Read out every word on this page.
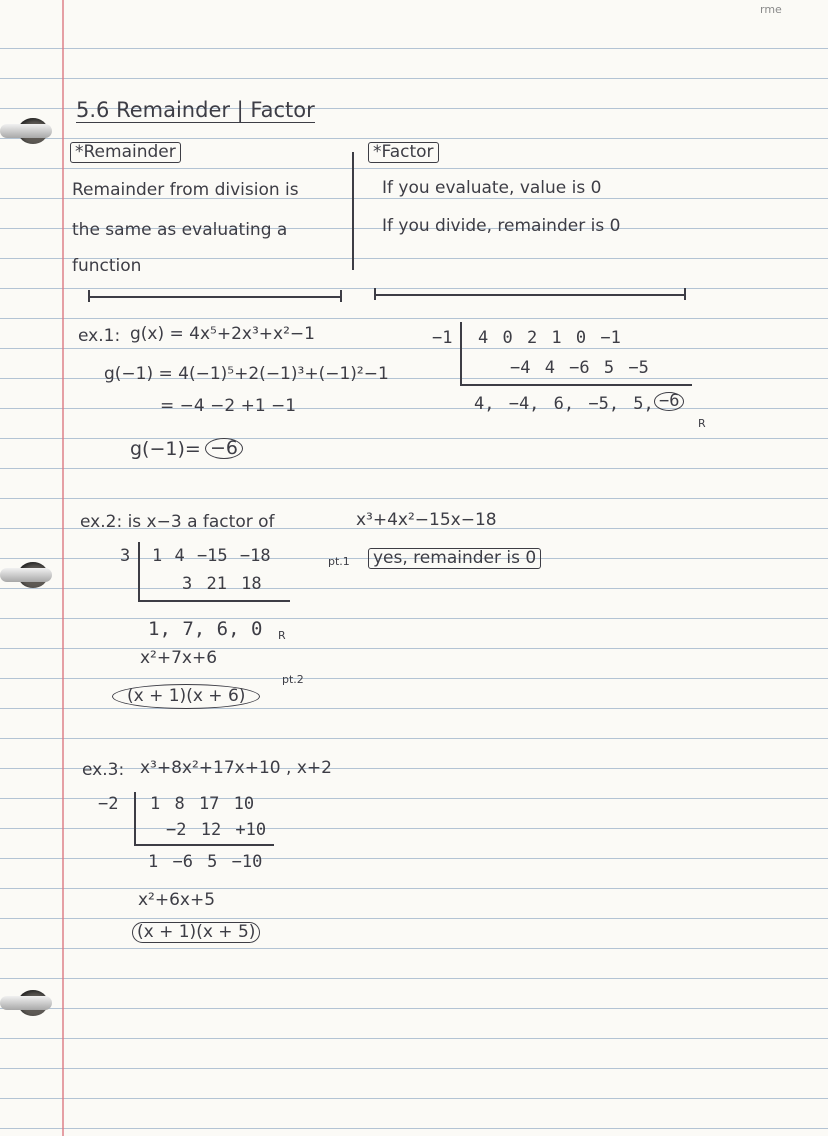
rme
5.6 Remainder | Factor
*Remainder
Remainder from division is
the same as evaluating a
function
*Factor
If you evaluate, value is 0
If you divide, remainder is 0
ex.1: g(x) = 4x⁵+2x³+x²−1
g(−1) = 4(−1)⁵+2(−1)³+(−1)²−1
= −4 −2 +1 −1
g(−1)= −6
−1 4 0 2 1 0 −1
−4 4 −6 5 −5
4, −4, 6, −5, 5, −6
R
ex.2: is x−3 a factor of	x³+4x²−15x−18
3 1 4 −15 −18
3 21 18
1, 7, 6, 0 R
pt.1 yes, remainder is 0
x²+7x+6
pt.2
(x + 1)(x + 6)
ex.3: x³+8x²+17x+10 , x+2
−2 1 8 17 10
−2 12 +10
1 −6 5 −10
x²+6x+5
(x + 1)(x + 5)
